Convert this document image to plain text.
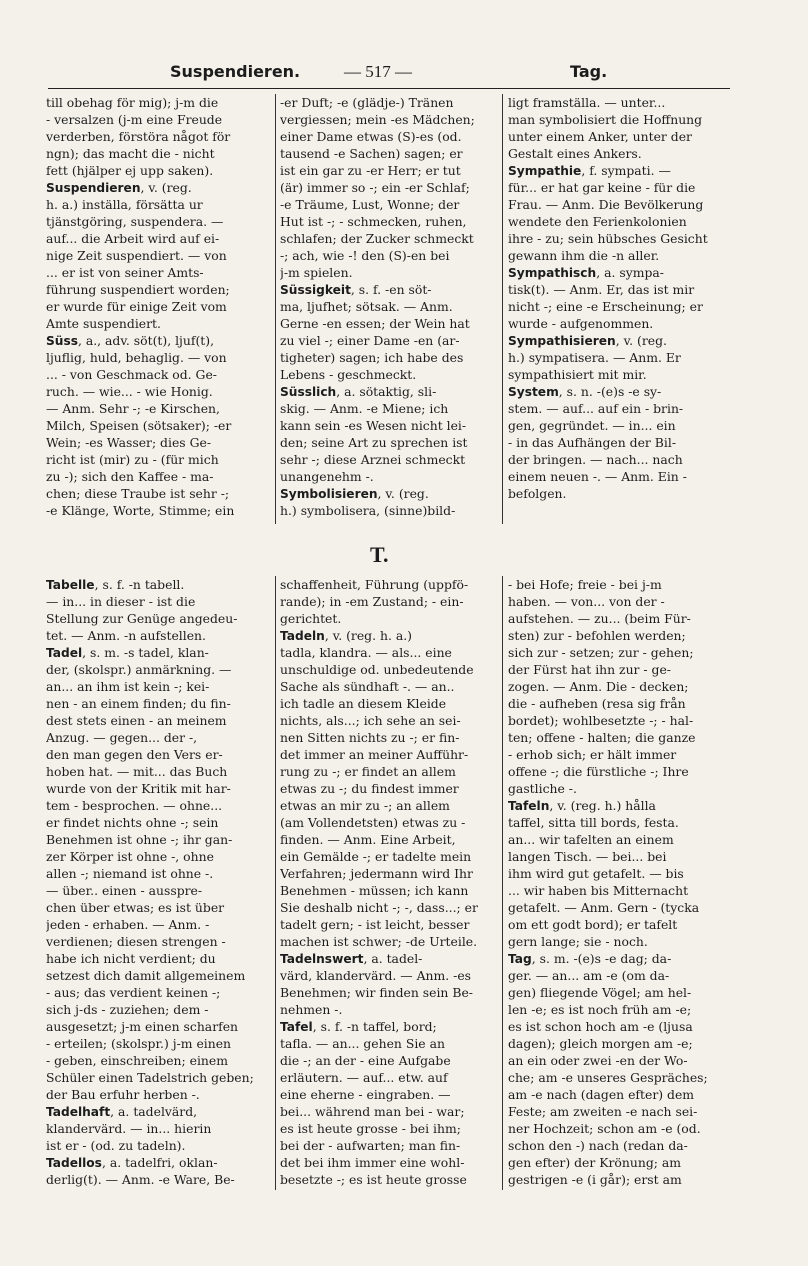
Suspendieren.	— 517 —	Tag.
till obehag för mig); j-m die
- versalzen (j-m eine Freude
verderben, förstöra något för
ngn); das macht die - nicht
fett (hjälper ej upp saken).
Suspendieren, v. (reg.
h. a.) inställa, försätta ur
tjänstgöring, suspendera. —
auf... die Arbeit wird auf ei-
nige Zeit suspendiert. — von
... er ist von seiner Amts-
führung suspendiert worden;
er wurde für einige Zeit vom
Amte suspendiert.
Süss, a., adv. söt(t), ljuf(t),
ljuflig, huld, behaglig. — von
... - von Geschmack od. Ge-
ruch. — wie... - wie Honig.
— Anm. Sehr -; -e Kirschen,
Milch, Speisen (sötsaker); -er
Wein; -es Wasser; dies Ge-
richt ist (mir) zu - (für mich
zu -); sich den Kaffee - ma-
chen; diese Traube ist sehr -;
-e Klänge, Worte, Stimme; ein
-er Duft; -e (glädje-) Tränen
vergiessen; mein -es Mädchen;
einer Dame etwas (S)-es (od.
tausend -e Sachen) sagen; er
ist ein gar zu -er Herr; er tut
(är) immer so -; ein -er Schlaf;
-e Träume, Lust, Wonne; der
Hut ist -; - schmecken, ruhen,
schlafen; der Zucker schmeckt
-; ach, wie -! den (S)-en bei
j-m spielen.
Süssigkeit, s. f. -en söt-
ma, ljufhet; sötsak. — Anm.
Gerne -en essen; der Wein hat
zu viel -; einer Dame -en (ar-
tigheter) sagen; ich habe des
Lebens - geschmeckt.
Süsslich, a. sötaktig, sli-
skig. — Anm. -e Miene; ich
kann sein -es Wesen nicht lei-
den; seine Art zu sprechen ist
sehr -; diese Arznei schmeckt
unangenehm -.
Symbolisieren, v. (reg.
h.) symbolisera, (sinne)bild-
ligt framställa. — unter...
man symbolisiert die Hoffnung
unter einem Anker, unter der
Gestalt eines Ankers.
Sympathie, f. sympati. —
für... er hat gar keine - für die
Frau. — Anm. Die Bevölkerung
wendete den Ferienkolonien
ihre - zu; sein hübsches Gesicht
gewann ihm die -n aller.
Sympathisch, a. sympa-
tisk(t). — Anm. Er, das ist mir
nicht -; eine -e Erscheinung; er
wurde - aufgenommen.
Sympathisieren, v. (reg.
h.) sympatisera. — Anm. Er
sympathisiert mit mir.
System, s. n. -(e)s -e sy-
stem. — auf... auf ein - brin-
gen, gegründet. — in... ein
- in das Aufhängen der Bil-
der bringen. — nach... nach
einem neuen -. — Anm. Ein -
befolgen.
T.
Tabelle, s. f. -n tabell.
— in... in dieser - ist die
Stellung zur Genüge angedeu-
tet. — Anm. -n aufstellen.
Tadel, s. m. -s tadel, klan-
der, (skolspr.) anmärkning. —
an... an ihm ist kein -; kei-
nen - an einem finden; du fin-
dest stets einen - an meinem
Anzug. — gegen... der -,
den man gegen den Vers er-
hoben hat. — mit... das Buch
wurde von der Kritik mit har-
tem - besprochen. — ohne...
er findet nichts ohne -; sein
Benehmen ist ohne -; ihr gan-
zer Körper ist ohne -, ohne
allen -; niemand ist ohne -.
— über.. einen - ausspre-
chen über etwas; es ist über
jeden - erhaben. — Anm. -
verdienen; diesen strengen -
habe ich nicht verdient; du
setzest dich damit allgemeinem
- aus; das verdient keinen -;
sich j-ds - zuziehen; dem -
ausgesetzt; j-m einen scharfen
- erteilen; (skolspr.) j-m einen
- geben, einschreiben; einem
Schüler einen Tadelstrich geben;
der Bau erfuhr herben -.
Tadelhaft, a. tadelvärd,
klandervärd. — in... hierin
ist er - (od. zu tadeln).
Tadellos, a. tadelfri, oklan-
derlig(t). — Anm. -e Ware, Be-
schaffenheit, Führung (uppfö-
rande); in -em Zustand; - ein-
gerichtet.
Tadeln, v. (reg. h. a.)
tadla, klandra. — als... eine
unschuldige od. unbedeutende
Sache als sündhaft -. — an..
ich tadle an diesem Kleide
nichts, als...; ich sehe an sei-
nen Sitten nichts zu -; er fin-
det immer an meiner Aufführ-
rung zu -; er findet an allem
etwas zu -; du findest immer
etwas an mir zu -; an allem
(am Vollendetsten) etwas zu -
finden. — Anm. Eine Arbeit,
ein Gemälde -; er tadelte mein
Verfahren; jedermann wird Ihr
Benehmen - müssen; ich kann
Sie deshalb nicht -; -, dass...; er
tadelt gern; - ist leicht, besser
machen ist schwer; -de Urteile.
Tadelnswert, a. tadel-
värd, klandervärd. — Anm. -es
Benehmen; wir finden sein Be-
nehmen -.
Tafel, s. f. -n taffel, bord;
tafla. — an... gehen Sie an
die -; an der - eine Aufgabe
erläutern. — auf... etw. auf
eine eherne - eingraben. —
bei... während man bei - war;
es ist heute grosse - bei ihm;
bei der - aufwarten; man fin-
det bei ihm immer eine wohl-
besetzte -; es ist heute grosse
- bei Hofe; freie - bei j-m
haben. — von... von der -
aufstehen. — zu... (beim Für-
sten) zur - befohlen werden;
sich zur - setzen; zur - gehen;
der Fürst hat ihn zur - ge-
zogen. — Anm. Die - decken;
die - aufheben (resa sig från
bordet); wohlbesetzte -; - hal-
ten; offene - halten; die ganze
- erhob sich; er hält immer
offene -; die fürstliche -; Ihre
gastliche -.
Tafeln, v. (reg. h.) hålla
taffel, sitta till bords, festa.
an... wir tafelten an einem
langen Tisch. — bei... bei
ihm wird gut getafelt. — bis
... wir haben bis Mitternacht
getafelt. — Anm. Gern - (tycka
om ett godt bord); er tafelt
gern lange; sie - noch.
Tag, s. m. -(e)s -e dag; da-
ger. — an... am -e (om da-
gen) fliegende Vögel; am hel-
len -e; es ist noch früh am -e;
es ist schon hoch am -e (ljusa
dagen); gleich morgen am -e;
an ein oder zwei -en der Wo-
che; am -e unseres Gespräches;
am -e nach (dagen efter) dem
Feste; am zweiten -e nach sei-
ner Hochzeit; schon am -e (od.
schon den -) nach (redan da-
gen efter) der Krönung; am
gestrigen -e (i går); erst am
